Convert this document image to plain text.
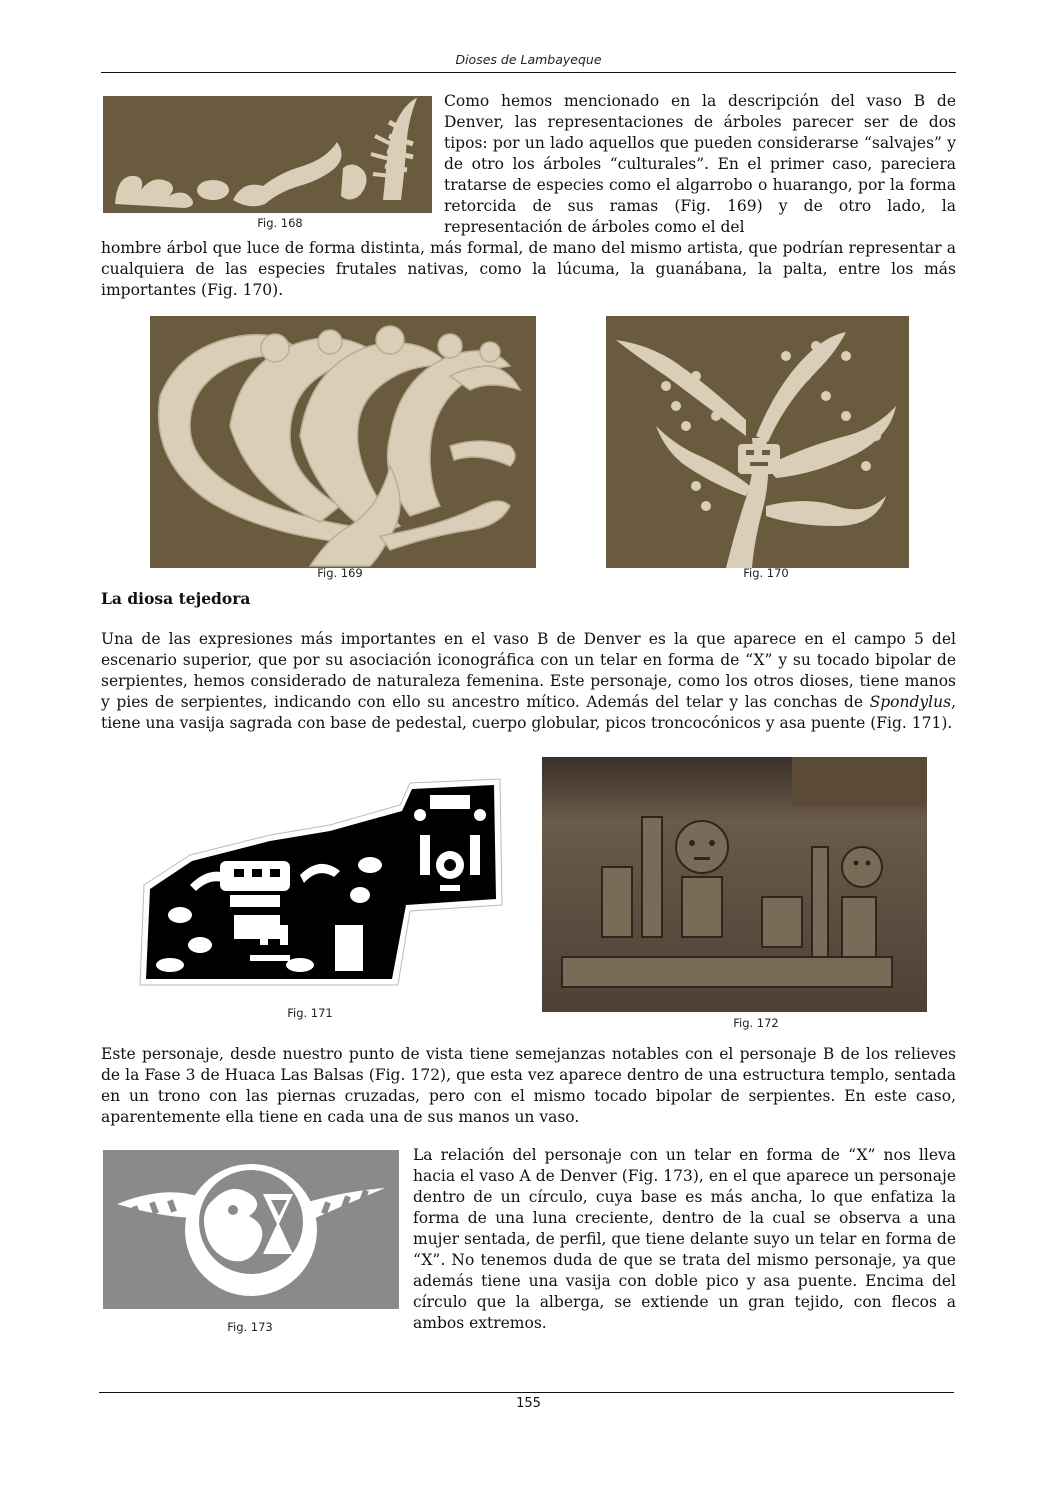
Dioses de Lambayeque
Fig. 168

Como hemos mencionado en la descripción del vaso B de Denver, las representaciones de árboles parecer ser de dos tipos: por un lado aquellos que pueden considerarse “salvajes” y de otro los árboles “culturales”. En el primer caso, pareciera tratarse de especies como el algarrobo o huarango, por la forma retorcida de sus ramas (Fig. 169) y de otro lado, la representación de árboles como el del

hombre árbol que luce de forma distinta, más formal, de mano del mismo artista, que podrían representar a cualquiera de las especies frutales nativas, como la lúcuma, la guanábana, la palta, entre los más importantes (Fig. 170).

Fig. 169	Fig. 170
La diosa tejedora

Una de las expresiones más importantes en el vaso B de Denver es la que aparece en el campo 5 del escenario superior, que por su asociación iconográfica con un telar en forma de “X” y su tocado bipolar de serpientes, hemos considerado de naturaleza femenina. Este personaje, como los otros dioses, tiene manos y pies de serpientes, indicando con ello su ancestro mítico. Además del telar y las conchas de Spondylus, tiene una vasija sagrada con base de pedestal, cuerpo globular, picos troncocónicos y asa puente (Fig. 171).

Fig. 171
Fig. 172

Este personaje, desde nuestro punto de vista tiene semejanzas notables con el personaje B de los relieves de la Fase 3 de Huaca Las Balsas (Fig. 172), que esta vez aparece dentro de una estructura templo, sentada en un trono con las piernas cruzadas, pero con el mismo tocado bipolar de serpientes. En este caso, aparentemente ella tiene en cada una de sus manos un vaso.

Fig. 173

La relación del personaje con un telar en forma de “X” nos lleva hacia el vaso A de Denver (Fig. 173), en el que aparece un personaje dentro de un círculo, cuya base es más ancha, lo que enfatiza la forma de una luna creciente, dentro de la cual se observa a una mujer sentada, de perfil, que tiene delante suyo un telar en forma de “X”. No tenemos duda de que se trata del mismo personaje, ya que además tiene una vasija con doble pico y asa puente. Encima del círculo que la alberga, se extiende un gran tejido, con flecos a ambos extremos.

155
